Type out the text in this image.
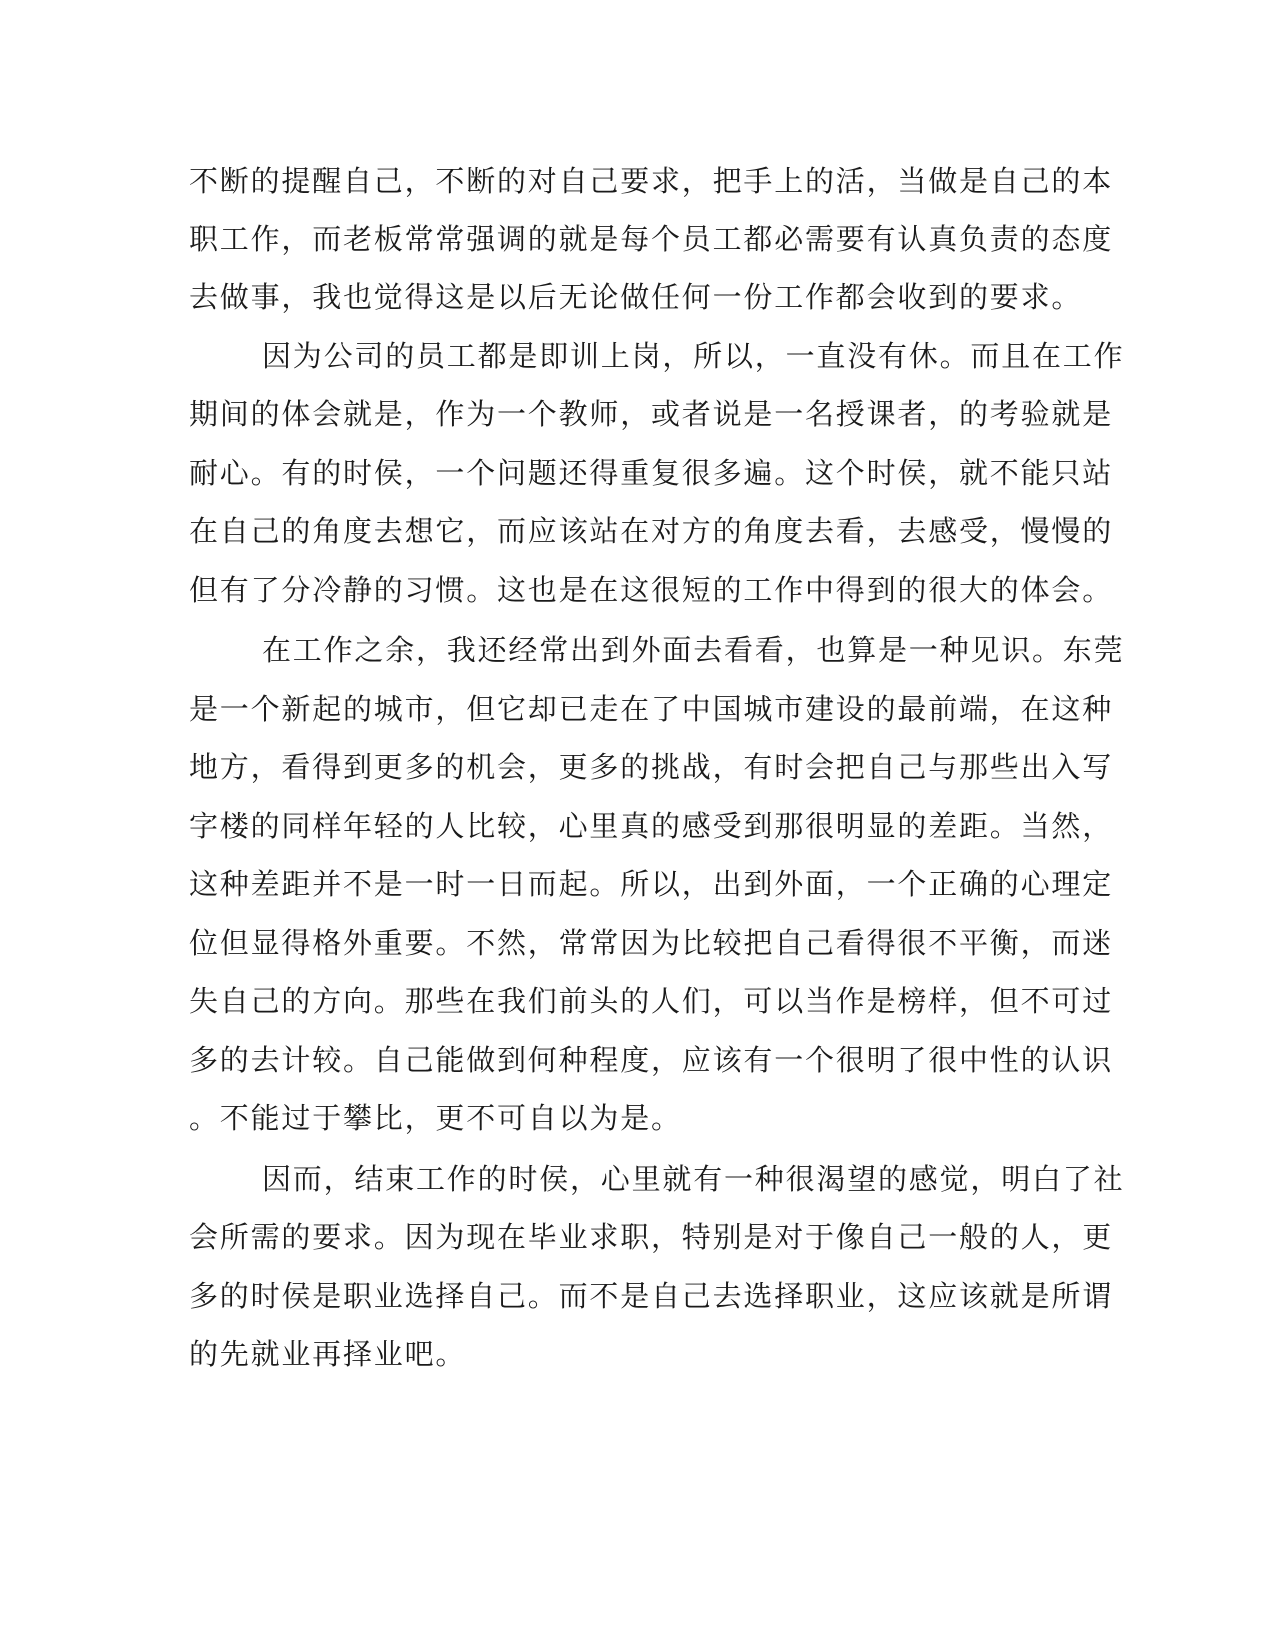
不断的提醒自己，不断的对自己要求，把手上的活，当做是自己的本
职工作，而老板常常强调的就是每个员工都必需要有认真负责的态度
去做事，我也觉得这是以后无论做任何一份工作都会收到的要求。
因为公司的员工都是即训上岗，所以，一直没有休。而且在工作
期间的体会就是，作为一个教师，或者说是一名授课者，的考验就是
耐心。有的时侯，一个问题还得重复很多遍。这个时侯，就不能只站
在自己的角度去想它，而应该站在对方的角度去看，去感受，慢慢的
但有了分冷静的习惯。这也是在这很短的工作中得到的很大的体会。
在工作之余，我还经常出到外面去看看，也算是一种见识。东莞
是一个新起的城市，但它却已走在了中国城市建设的最前端，在这种
地方，看得到更多的机会，更多的挑战，有时会把自己与那些出入写
字楼的同样年轻的人比较，心里真的感受到那很明显的差距。当然，
这种差距并不是一时一日而起。所以，出到外面，一个正确的心理定
位但显得格外重要。不然，常常因为比较把自己看得很不平衡，而迷
失自己的方向。那些在我们前头的人们，可以当作是榜样，但不可过
多的去计较。自己能做到何种程度，应该有一个很明了很中性的认识
。不能过于攀比，更不可自以为是。
因而，结束工作的时侯，心里就有一种很渴望的感觉，明白了社
会所需的要求。因为现在毕业求职，特别是对于像自己一般的人，更
多的时侯是职业选择自己。而不是自己去选择职业，这应该就是所谓
的先就业再择业吧。
